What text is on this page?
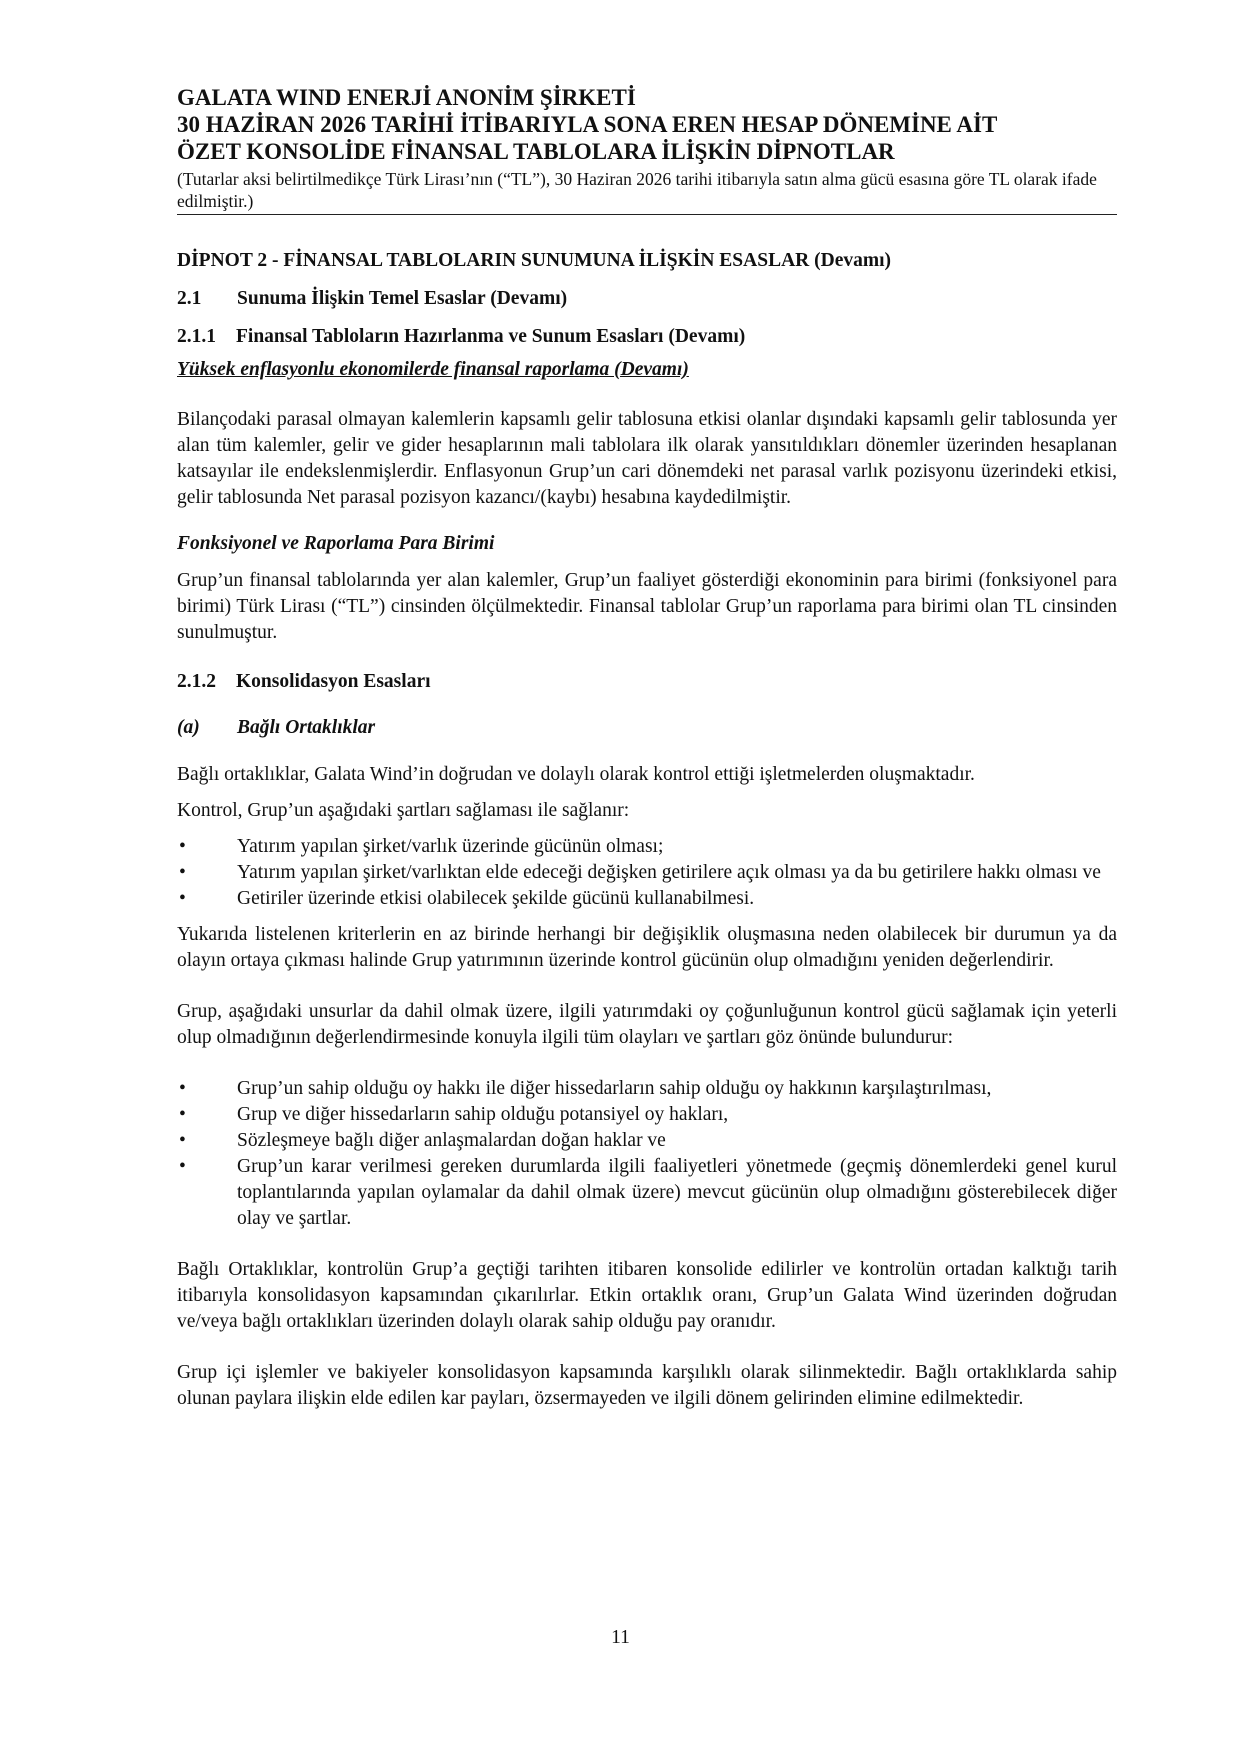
GALATA WIND ENERJİ ANONİM ŞİRKETİ
30 HAZİRAN 2026 TARİHİ İTİBARIYLA SONA EREN HESAP DÖNEMİNE AİT
ÖZET KONSOLİDE FİNANSAL TABLOLARA İLİŞKİN DİPNOTLAR
(Tutarlar aksi belirtilmedikçe Türk Lirası’nın (“TL”), 30 Haziran 2026 tarihi itibarıyla satın alma gücü esasına göre TL olarak ifade edilmiştir.)
DİPNOT 2 - FİNANSAL TABLOLARIN SUNUMUNA İLİŞKİN ESASLAR (Devamı)
2.1	Sunuma İlişkin Temel Esaslar (Devamı)
2.1.1	Finansal Tabloların Hazırlanma ve Sunum Esasları (Devamı)
Yüksek enflasyonlu ekonomilerde finansal raporlama (Devamı)

Bilançodaki parasal olmayan kalemlerin kapsamlı gelir tablosuna etkisi olanlar dışındaki kapsamlı gelir tablosunda yer alan tüm kalemler, gelir ve gider hesaplarının mali tablolara ilk olarak yansıtıldıkları dönemler üzerinden hesaplanan katsayılar ile endekslenmişlerdir. Enflasyonun Grup’un cari dönemdeki net parasal varlık pozisyonu üzerindeki etkisi, gelir tablosunda Net parasal pozisyon kazancı/(kaybı) hesabına kaydedilmiştir.

Fonksiyonel ve Raporlama Para Birimi

Grup’un finansal tablolarında yer alan kalemler, Grup’un faaliyet gösterdiği ekonominin para birimi (fonksiyonel para birimi) Türk Lirası (“TL”) cinsinden ölçülmektedir. Finansal tablolar Grup’un raporlama para birimi olan TL cinsinden sunulmuştur.

2.1.2	Konsolidasyon Esasları
(a)	Bağlı Ortaklıklar

Bağlı ortaklıklar, Galata Wind’in doğrudan ve dolaylı olarak kontrol ettiği işletmelerden oluşmaktadır.

Kontrol, Grup’un aşağıdaki şartları sağlaması ile sağlanır:

•	Yatırım yapılan şirket/varlık üzerinde gücünün olması;
•	Yatırım yapılan şirket/varlıktan elde edeceği değişken getirilere açık olması ya da bu getirilere hakkı olması ve
•	Getiriler üzerinde etkisi olabilecek şekilde gücünü kullanabilmesi.

Yukarıda listelenen kriterlerin en az birinde herhangi bir değişiklik oluşmasına neden olabilecek bir durumun ya da olayın ortaya çıkması halinde Grup yatırımının üzerinde kontrol gücünün olup olmadığını yeniden değerlendirir.

Grup, aşağıdaki unsurlar da dahil olmak üzere, ilgili yatırımdaki oy çoğunluğunun kontrol gücü sağlamak için yeterli olup olmadığının değerlendirmesinde konuyla ilgili tüm olayları ve şartları göz önünde bulundurur:

•	Grup’un sahip olduğu oy hakkı ile diğer hissedarların sahip olduğu oy hakkının karşılaştırılması,
•	Grup ve diğer hissedarların sahip olduğu potansiyel oy hakları,
•	Sözleşmeye bağlı diğer anlaşmalardan doğan haklar ve
•	Grup’un karar verilmesi gereken durumlarda ilgili faaliyetleri yönetmede (geçmiş dönemlerdeki genel kurul toplantılarında yapılan oylamalar da dahil olmak üzere) mevcut gücünün olup olmadığını gösterebilecek diğer olay ve şartlar.

Bağlı Ortaklıklar, kontrolün Grup’a geçtiği tarihten itibaren konsolide edilirler ve kontrolün ortadan kalktığı tarih itibarıyla konsolidasyon kapsamından çıkarılırlar. Etkin ortaklık oranı, Grup’un Galata Wind üzerinden doğrudan ve/veya bağlı ortaklıkları üzerinden dolaylı olarak sahip olduğu pay oranıdır.

Grup içi işlemler ve bakiyeler konsolidasyon kapsamında karşılıklı olarak silinmektedir. Bağlı ortaklıklarda sahip olunan paylara ilişkin elde edilen kar payları, özsermayeden ve ilgili dönem gelirinden elimine edilmektedir.

11
